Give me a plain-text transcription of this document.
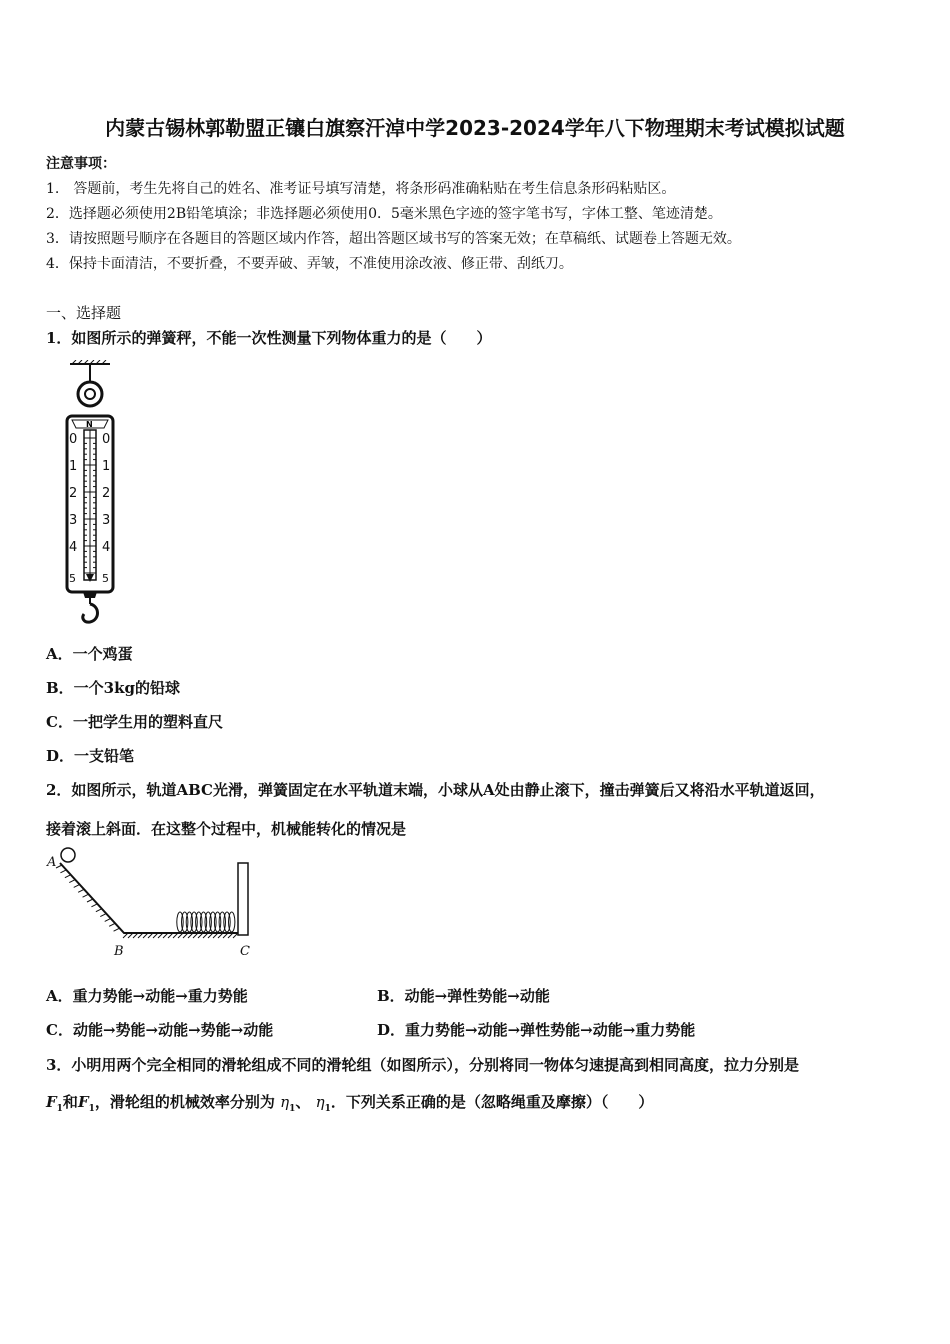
内蒙古锡林郭勒盟正镶白旗察汗淖中学2023-2024学年八下物理期末考试模拟试题
注意事项：
1.　答题前，考生先将自己的姓名、准考证号填写清楚，将条形码准确粘贴在考生信息条形码粘贴区。
2．选择题必须使用2B铅笔填涂；非选择题必须使用0．5毫米黑色字迹的签字笔书写，字体工整、笔迹清楚。
3．请按照题号顺序在各题目的答题区域内作答，超出答题区域书写的答案无效；在草稿纸、试题卷上答题无效。
4．保持卡面清洁，不要折叠，不要弄破、弄皱，不准使用涂改液、修正带、刮纸刀。
一、选择题
1．如图所示的弹簧秤，不能一次性测量下列物体重力的是（　　）
N
0
1
2
3
4
5
0
1
2
3
4
5
A．一个鸡蛋
B．一个3kg的铅球
C．一把学生用的塑料直尺
D．一支铅笔
2．如图所示，轨道ABC光滑，弹簧固定在水平轨道末端，小球从A处由静止滚下，撞击弹簧后又将沿水平轨道返回，
接着滚上斜面．在这整个过程中，机械能转化的情况是
A
B	C
A．重力势能→动能→重力势能	B．动能→弹性势能→动能
C．动能→势能→动能→势能→动能	D．重力势能→动能→弹性势能→动能→重力势能
3．小明用两个完全相同的滑轮组成不同的滑轮组（如图所示），分别将同一物体匀速提高到相同高度，拉力分别是
$F_1$和$F_1$，滑轮组的机械效率分别为 $\eta_1$、 $\eta_1$．下列关系正确的是（忽略绳重及摩擦）（　　）
